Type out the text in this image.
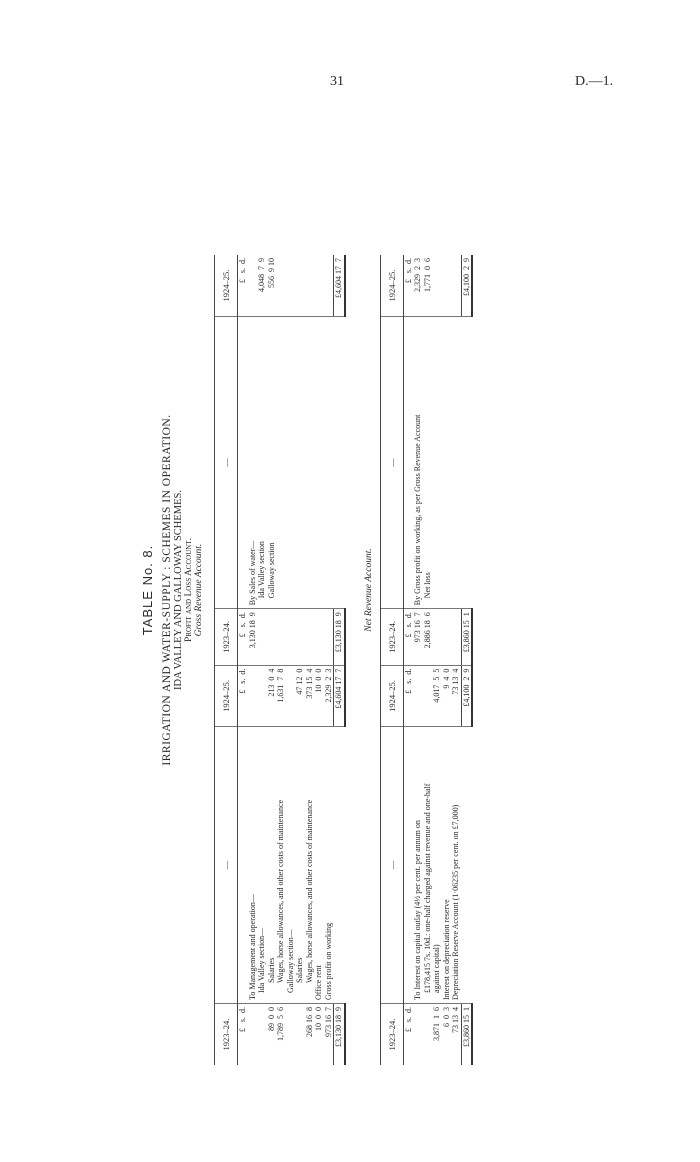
31	D.—1.
TABLE No. 8. IRRIGATION AND WATER-SUPPLY : SCHEMES IN OPERATION. IDA VALLEY AND GALLOWAY SCHEMES. Profit and Loss Account. Gross Revenue Account.
1923–24.	—	1924–25.	1923–24.	—	1924–25.
£   s.  d.		£   s.  d.	£   s.  d.		£   s.  d.
	To Management and operation—		3,130 18  9	By Sales of water—	
	Ida Valley section—			Ida Valley section	4,048  7  9
89  0  0	Salaries	213  0  4		Galloway section	556  9 10
1,789  5  6	Wages, horse allowances, and other costs of maintenance	1,631  7  8			
	Galloway section—				
	Salaries	47 12  0			
268 16  8	Wages, horse allowances, and other costs of maintenance	373 15  4			
10  0  0	Office rent	10  0  0			
973 16  7	Gross profit on working	2,329  2  3			
£3,130 18  9		£4,604 17  7	£3,130 18  9		£4,604 17  7
Net Revenue Account.
1923–24.	—	1924–25.	1923–24.	—	1924–25.
£   s.  d.		£   s.  d.	£   s.  d.		£   s.  d.
	To Interest on capital outlay (4½ per cent. per annum on		973 16  7	By Gross profit on working, as per Gross Revenue Account	2,329  2  3
	£178,415 7s. 10d.: one-half charged against revenue and one-half		2,886 18  6	Net loss	1,771  0  6
3,871  1  6	against capital)	4,017  5  5			
6  0  3	Interest on depreciation reserve	9  4  0			
73 13  4	Depreciation Reserve Account (1·06235 per cent. on £7,000)	73 13  4			
£3,860 15  1		£4,100  2  9	£3,860 15  1		£4,100  2  9
